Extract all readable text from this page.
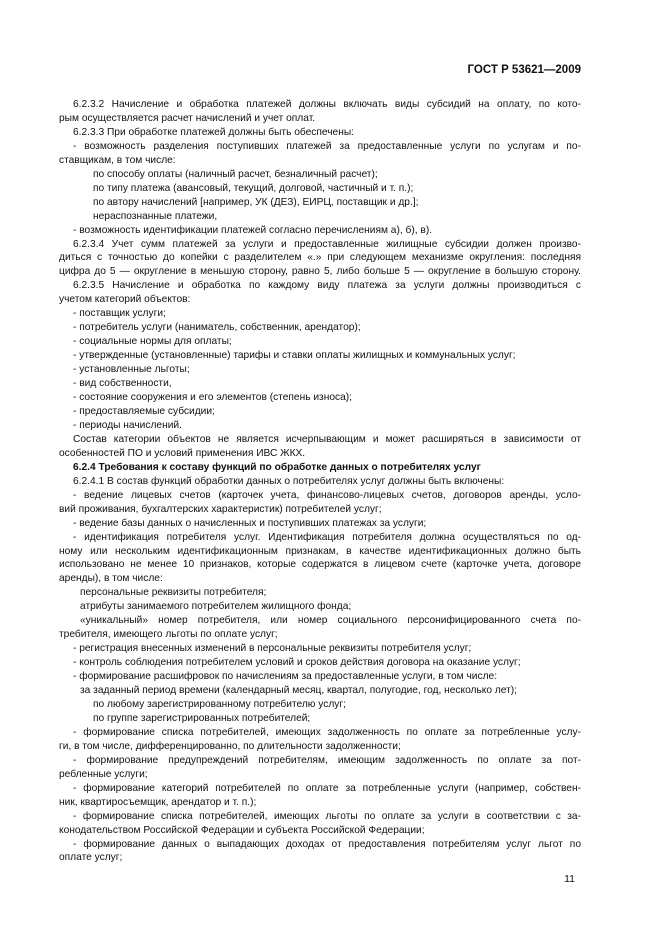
ГОСТ Р 53621—2009
6.2.3.2 Начисление и обработка платежей должны включать виды субсидий на оплату, по кото-
рым осуществляется расчет начислений и учет оплат.
6.2.3.3 При обработке платежей должны быть обеспечены:
- возможность разделения поступивших платежей за предоставленные услуги по услугам и по-
ставщикам, в том числе:
по способу оплаты (наличный расчет, безналичный расчет);
по типу платежа (авансовый, текущий, долговой, частичный и т. п.);
по автору начислений [например, УК (ДЕЗ), ЕИРЦ, поставщик и др.];
нераспознанные платежи,
- возможность идентификации платежей согласно перечислениям а), б), в).
6.2.3.4 Учет сумм платежей за услуги и предоставленные жилищные субсидии должен произво-
диться с точностью до копейки с разделителем «.» при следующем механизме округления: последняя
цифра до 5 — округление в меньшую сторону, равно 5, либо больше 5 — округление в большую сторону.
6.2.3.5 Начисление и обработка по каждому виду платежа за услуги должны производиться с
учетом категорий объектов:
- поставщик услуги;
- потребитель услуги (наниматель, собственник, арендатор);
- социальные нормы для оплаты;
- утвержденные (установленные) тарифы и ставки оплаты жилищных и коммунальных услуг;
- установленные льготы;
- вид собственности,
- состояние сооружения и его элементов (степень износа);
- предоставляемые субсидии;
- периоды начислений.
Состав категории объектов не является исчерпывающим и может расширяться в зависимости от
особенностей ПО и условий применения ИВС ЖКХ.
6.2.4 Требования к составу функций по обработке данных о потребителях услуг
6.2.4.1 В состав функций обработки данных о потребителях услуг должны быть включены:
- ведение лицевых счетов (карточек учета, финансово-лицевых счетов, договоров аренды, усло-
вий проживания, бухгалтерских характеристик) потребителей услуг;
- ведение базы данных о начисленных и поступивших платежах за услуги;
- идентификация потребителя услуг. Идентификация потребителя должна осуществляться по од-
ному или нескольким идентификационным признакам, в качестве идентификационных должно быть
использовано не менее 10 признаков, которые содержатся в лицевом счете (карточке учета, договоре
аренды), в том числе:
персональные реквизиты потребителя;
атрибуты занимаемого потребителем жилищного фонда;
«уникальный» номер потребителя, или номер социального персонифицированного счета по-
требителя, имеющего льготы по оплате услуг;
- регистрация внесенных изменений в персональные реквизиты потребителя услуг;
- контроль соблюдения потребителем условий и сроков действия договора на оказание услуг;
- формирование расшифровок по начислениям за предоставленные услуги, в том числе:
за заданный период времени (календарный месяц, квартал, полугодие, год, несколько лет);
по любому зарегистрированному потребителю услуг;
по группе зарегистрированных потребителей;
- формирование списка потребителей, имеющих задолженность по оплате за потребленные услу-
ги, в том числе, дифференцированно, по длительности задолженности;
- формирование предупреждений потребителям, имеющим задолженность по оплате за пот-
ребленные услуги;
- формирование категорий потребителей по оплате за потребленные услуги (например, собствен-
ник, квартиросъемщик, арендатор и т. п.);
- формирование списка потребителей, имеющих льготы по оплате за услуги в соответствии с за-
конодательством Российской Федерации и субъекта Российской Федерации;
- формирование данных о выпадающих доходах от предоставления потребителям услуг льгот по
оплате услуг;
11
